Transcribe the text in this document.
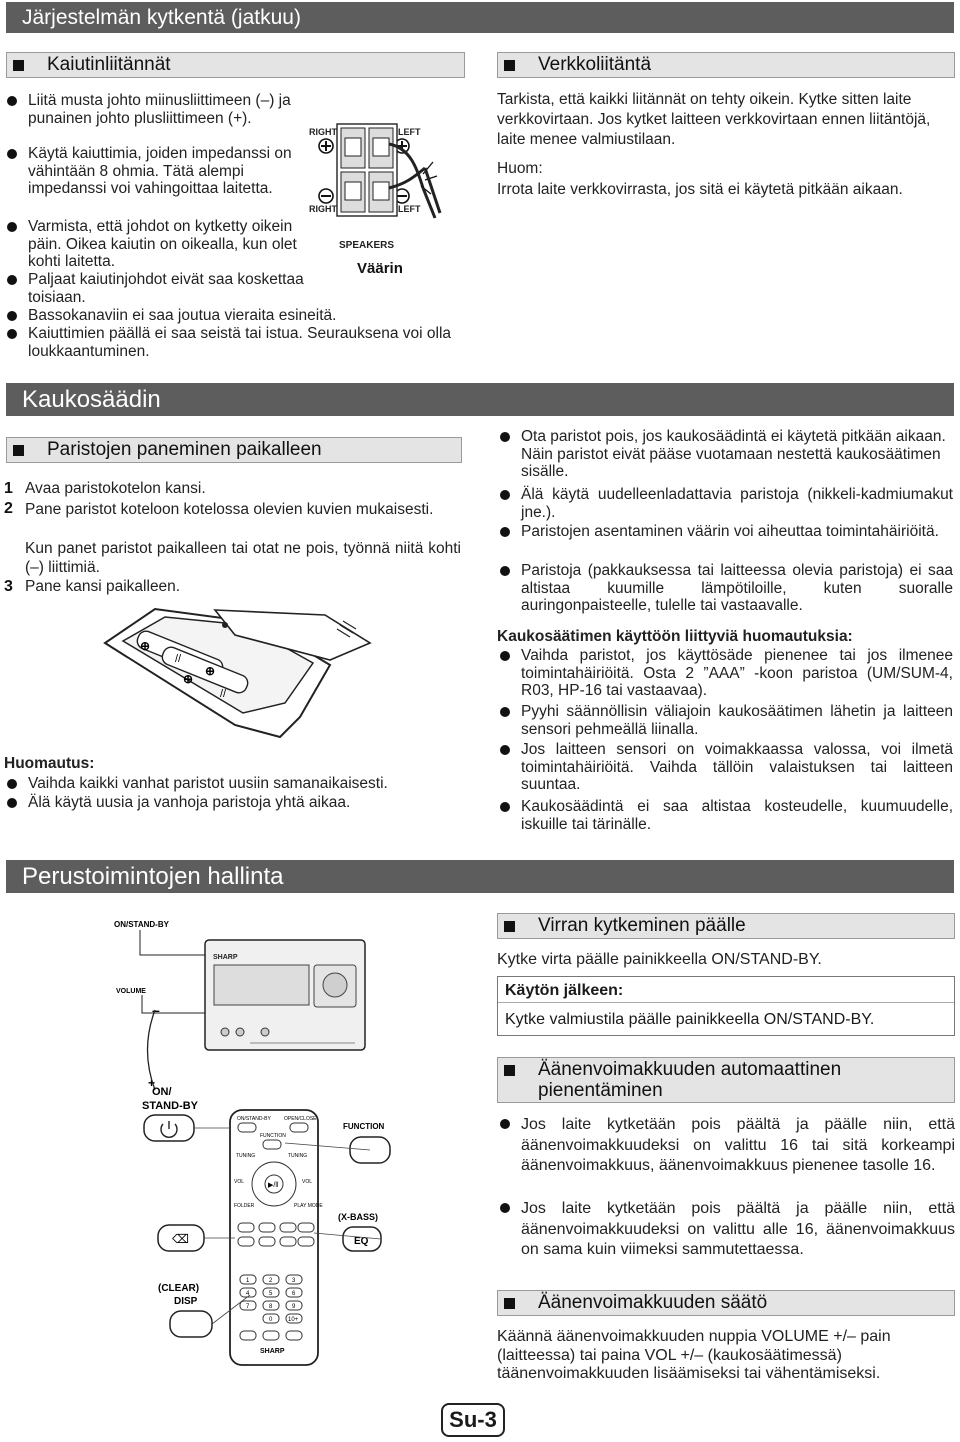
Järjestelmän kytkentä (jatkuu)
Kaiutinliitännät
Liitä musta johto miinusliittimeen (–) ja punainen johto plusliittimeen (+).
Käytä kaiuttimia, joiden impedanssi on vähintään 8 ohmia. Tätä alempi impedanssi voi vahingoittaa laitetta.
Varmista, että johdot on kytketty oikein päin. Oikea kaiutin on oikealla, kun olet kohti laitetta.
Paljaat kaiutinjohdot eivät saa koskettaa toisiaan.
Bassokanaviin ei saa joutua vieraita esineitä.
Kaiuttimien päällä ei saa seistä tai istua. Seurauksena voi olla loukkaantuminen.
RIGHT	LEFT
RIGHT	LEFT
SPEAKERS
Väärin
Verkkoliitäntä
Tarkista, että kaikki liitännät on tehty oikein. Kytke sitten laite verkkovirtaan. Jos kytket laitteen verkkovirtaan ennen liitäntöjä, laite menee valmiustilaan.
Huom:
Irrota laite verkkovirrasta, jos sitä ei käytetä pitkään aikaan.
Kaukosäädin
Paristojen paneminen paikalleen
1 Avaa paristokotelon kansi.
2 Pane paristot koteloon kotelossa olevien kuvien mukaisesti.
Kun panet paristot paikalleen tai otat ne pois, työnnä niitä kohti (–) liittimiä.
3 Pane kansi paikalleen.
⊕
//
⊕
⊕
//
Huomautus:
Vaihda kaikki vanhat paristot uusiin samanaikaisesti.
Älä käytä uusia ja vanhoja paristoja yhtä aikaa.
Ota paristot pois, jos kaukosäädintä ei käytetä pitkään aikaan. Näin paristot eivät pääse vuotamaan nestettä kaukosäätimen sisälle.
Älä käytä uudelleenladattavia paristoja (nikkeli-kadmiumakut jne.).
Paristojen asentaminen väärin voi aiheuttaa toimintahäiriöitä.
Paristoja (pakkauksessa tai laitteessa olevia paristoja) ei saa altistaa kuumille lämpötiloille, kuten suoralle auringonpaisteelle, tulelle tai vastaavalle.
Kaukosäätimen käyttöön liittyviä huomautuksia:
Vaihda paristot, jos käyttösäde pienenee tai jos ilmenee toimintahäiriöitä. Osta 2 ”AAA” -koon paristoa (UM/SUM-4, R03, HP-16 tai vastaavaa).
Pyyhi säännöllisin väliajoin kaukosäätimen lähetin ja laitteen sensori pehmeällä liinalla.
Jos laitteen sensori on voimakkaassa valossa, voi ilmetä toimintahäiriöitä. Vaihda tällöin valaistuksen tai laitteen suuntaa.
Kaukosäädintä ei saa altistaa kosteudelle, kuumuudelle, iskuille tai tärinälle.
Perustoimintojen hallinta
ON/STAND-BY
VOLUME
–
+
SHARP
ON/
STAND-BY
FUNCTION
(X-BASS)
EQ
⌫
(CLEAR)
DISP
ON/STAND-BY	OPEN/CLOSE
FUNCTION
TUNING	TUNING
▶/ll
VOL	VOL
FOLDER	PLAY MODE
1	2	3
4	5	6
7	8	9
0	10+
SHARP
Virran kytkeminen päälle
Kytke virta päälle painikkeella ON/STAND-BY.
Käytön jälkeen:
Kytke valmiustila päälle painikkeella ON/STAND-BY.
Äänenvoimakkuuden automaattinen pienentäminen
Jos laite kytketään pois päältä ja päälle niin, että äänenvoimakkuudeksi on valittu 16 tai sitä korkeampi äänenvoimakkuus, äänenvoimakkuus pienenee tasolle 16.
Jos laite kytketään pois päältä ja päälle niin, että äänenvoimakkuudeksi on valittu alle 16, äänenvoimakkuus on sama kuin viimeksi sammutettaessa.
Äänenvoimakkuuden säätö
Käännä äänenvoimakkuuden nuppia VOLUME +/– pain (laitteessa) tai paina VOL +/– (kaukosäätimessä) täänenvoimakkuuden lisäämiseksi tai vähentämiseksi.
Su-3
